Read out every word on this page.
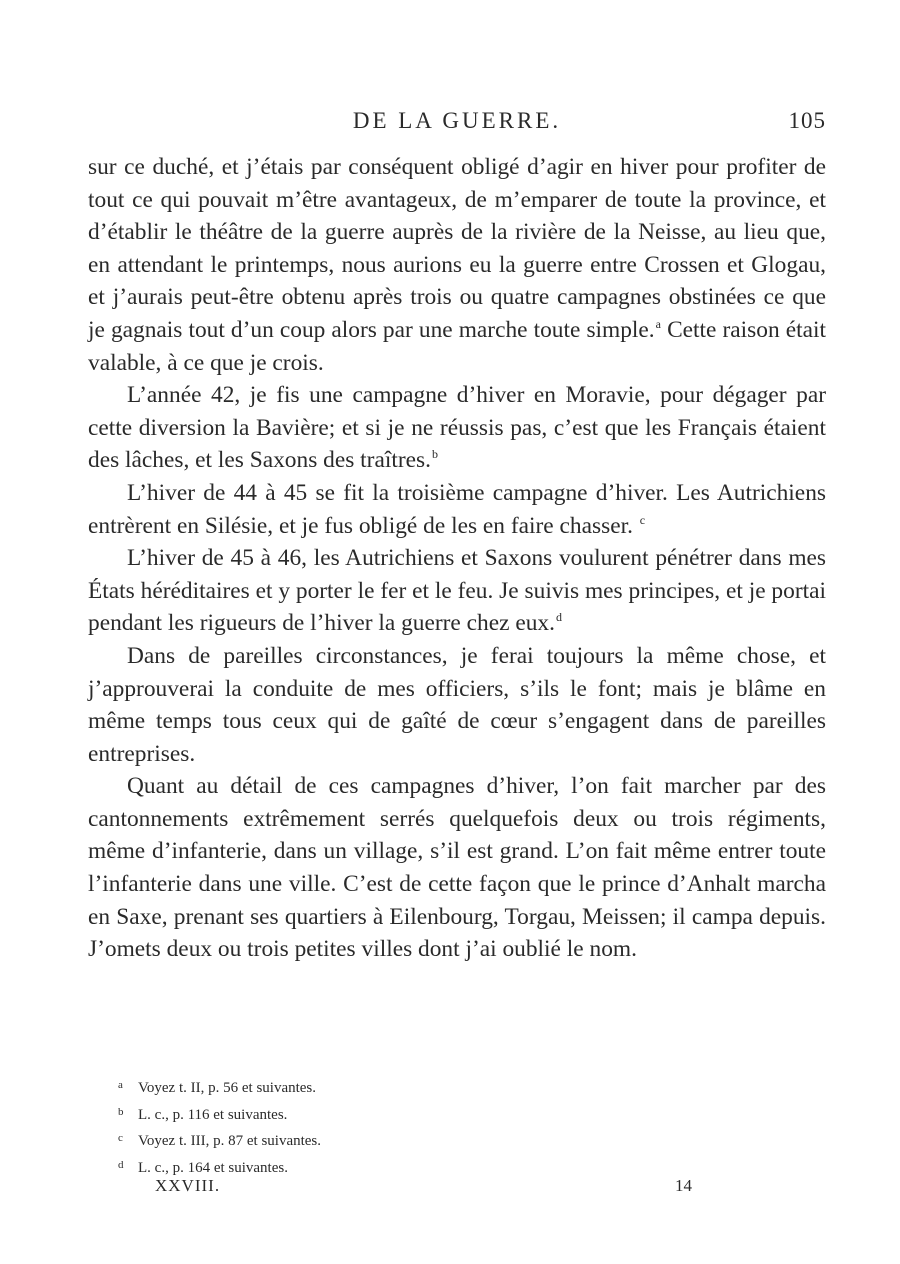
DE LA GUERRE.	105

sur ce duché, et j’étais par conséquent obligé d’agir en hiver pour profiter de tout ce qui pouvait m’être avantageux, de m’emparer de toute la province, et d’établir le théâtre de la guerre auprès de la rivière de la Neisse, au lieu que, en attendant le printemps, nous aurions eu la guerre entre Crossen et Glogau, et j’aurais peut-être obtenu après trois ou quatre campagnes obstinées ce que je gagnais tout d’un coup alors par une marche toute simple.$^a$ Cette raison était valable, à ce que je crois.

L’année 42, je fis une campagne d’hiver en Moravie, pour dégager par cette diversion la Bavière; et si je ne réussis pas, c’est que les Français étaient des lâches, et les Saxons des traîtres.$^b$

L’hiver de 44 à 45 se fit la troisième campagne d’hiver. Les Autrichiens entrèrent en Silésie, et je fus obligé de les en faire chasser. $^c$

L’hiver de 45 à 46, les Autrichiens et Saxons voulurent pénétrer dans mes États héréditaires et y porter le fer et le feu. Je suivis mes principes, et je portai pendant les rigueurs de l’hiver la guerre chez eux.$^d$

Dans de pareilles circonstances, je ferai toujours la même chose, et j’approuverai la conduite de mes officiers, s’ils le font; mais je blâme en même temps tous ceux qui de gaîté de cœur s’engagent dans de pareilles entreprises.

Quant au détail de ces campagnes d’hiver, l’on fait marcher par des cantonnements extrêmement serrés quelquefois deux ou trois régiments, même d’infanterie, dans un village, s’il est grand. L’on fait même entrer toute l’infanterie dans une ville. C’est de cette façon que le prince d’Anhalt marcha en Saxe, prenant ses quartiers à Eilenbourg, Torgau, Meissen; il campa depuis. J’omets deux ou trois petites villes dont j’ai oublié le nom.

a Voyez t. II, p. 56 et suivantes.
b L. c., p. 116 et suivantes.
c Voyez t. III, p. 87 et suivantes.
d L. c., p. 164 et suivantes.
XXVIII.	14
